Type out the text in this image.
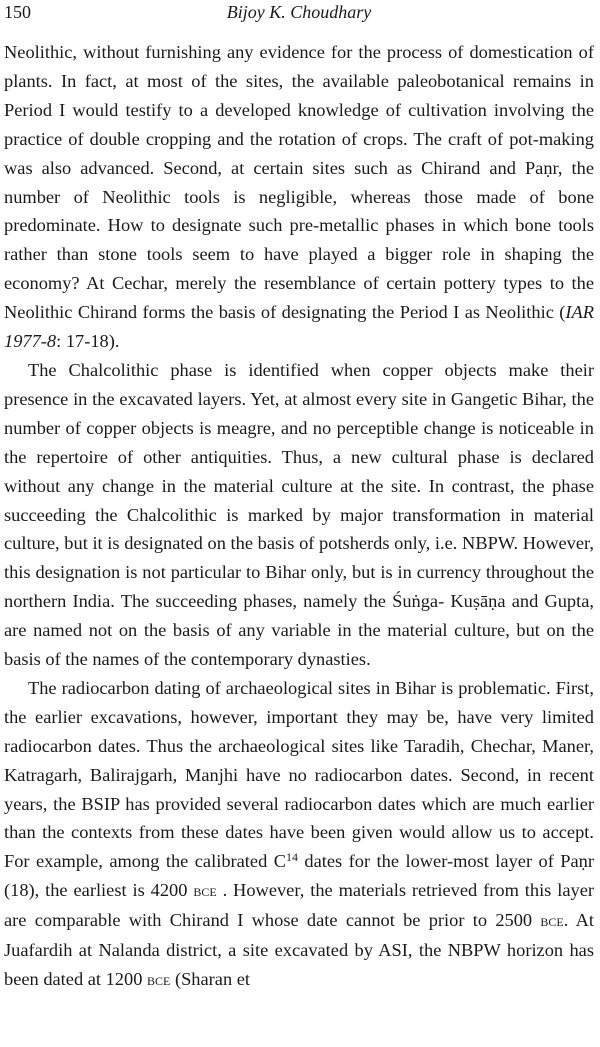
150	Bijoy K. Choudhary

Neolithic, without furnishing any evidence for the process of domestication of plants. In fact, at most of the sites, the available paleobotanical remains in Period I would testify to a developed knowledge of cultivation involving the practice of double cropping and the rotation of crops. The craft of pot-making was also advanced. Second, at certain sites such as Chirand and Paṇr, the number of Neolithic tools is negligible, whereas those made of bone predominate. How to designate such pre-metallic phases in which bone tools rather than stone tools seem to have played a bigger role in shaping the economy? At Cechar, merely the resemblance of certain pottery types to the Neolithic Chirand forms the basis of designating the Period I as Neolithic (IAR 1977-8: 17-18).

The Chalcolithic phase is identified when copper objects make their presence in the excavated layers. Yet, at almost every site in Gangetic Bihar, the number of copper objects is meagre, and no perceptible change is noticeable in the repertoire of other antiquities. Thus, a new cultural phase is declared without any change in the material culture at the site. In contrast, the phase succeeding the Chalcolithic is marked by major transformation in material culture, but it is designated on the basis of potsherds only, i.e. NBPW. However, this designation is not particular to Bihar only, but is in currency throughout the northern India. The succeeding phases, namely the Śuṅga- Kuṣāṇa and Gupta, are named not on the basis of any variable in the material culture, but on the basis of the names of the contemporary dynasties.

The radiocarbon dating of archaeological sites in Bihar is problematic. First, the earlier excavations, however, important they may be, have very limited radiocarbon dates. Thus the archaeological sites like Taradih, Chechar, Maner, Katragarh, Balirajgarh, Manjhi have no radiocarbon dates. Second, in recent years, the BSIP has provided several radiocarbon dates which are much earlier than the contexts from these dates have been given would allow us to accept. For example, among the calibrated $C^{14}$ dates for the lower-most layer of Paṇr (18), the earliest is 4200 bce . However, the materials retrieved from this layer are comparable with Chirand I whose date cannot be prior to 2500 bce. At Juafardih at Nalanda district, a site excavated by ASI, the NBPW horizon has been dated at 1200 bce (Sharan et
